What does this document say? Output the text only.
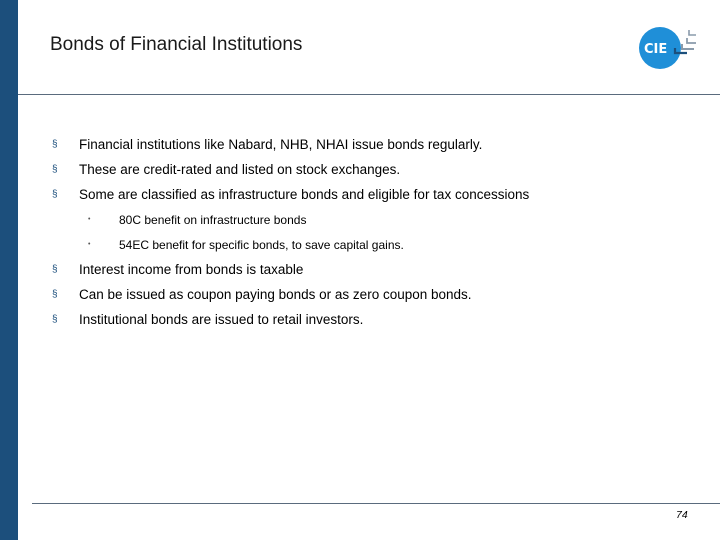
Bonds of Financial Institutions	CIE
§ Financial institutions like Nabard, NHB, NHAI issue bonds regularly.
§ These are credit-rated and listed on stock exchanges.
§ Some are classified as infrastructure bonds and eligible for tax concessions
• 80C benefit on infrastructure bonds
• 54EC benefit for specific bonds, to save capital gains.
§ Interest income from bonds is taxable
§ Can be issued as coupon paying bonds or as zero coupon bonds.
§ Institutional bonds are issued to retail investors.
74
